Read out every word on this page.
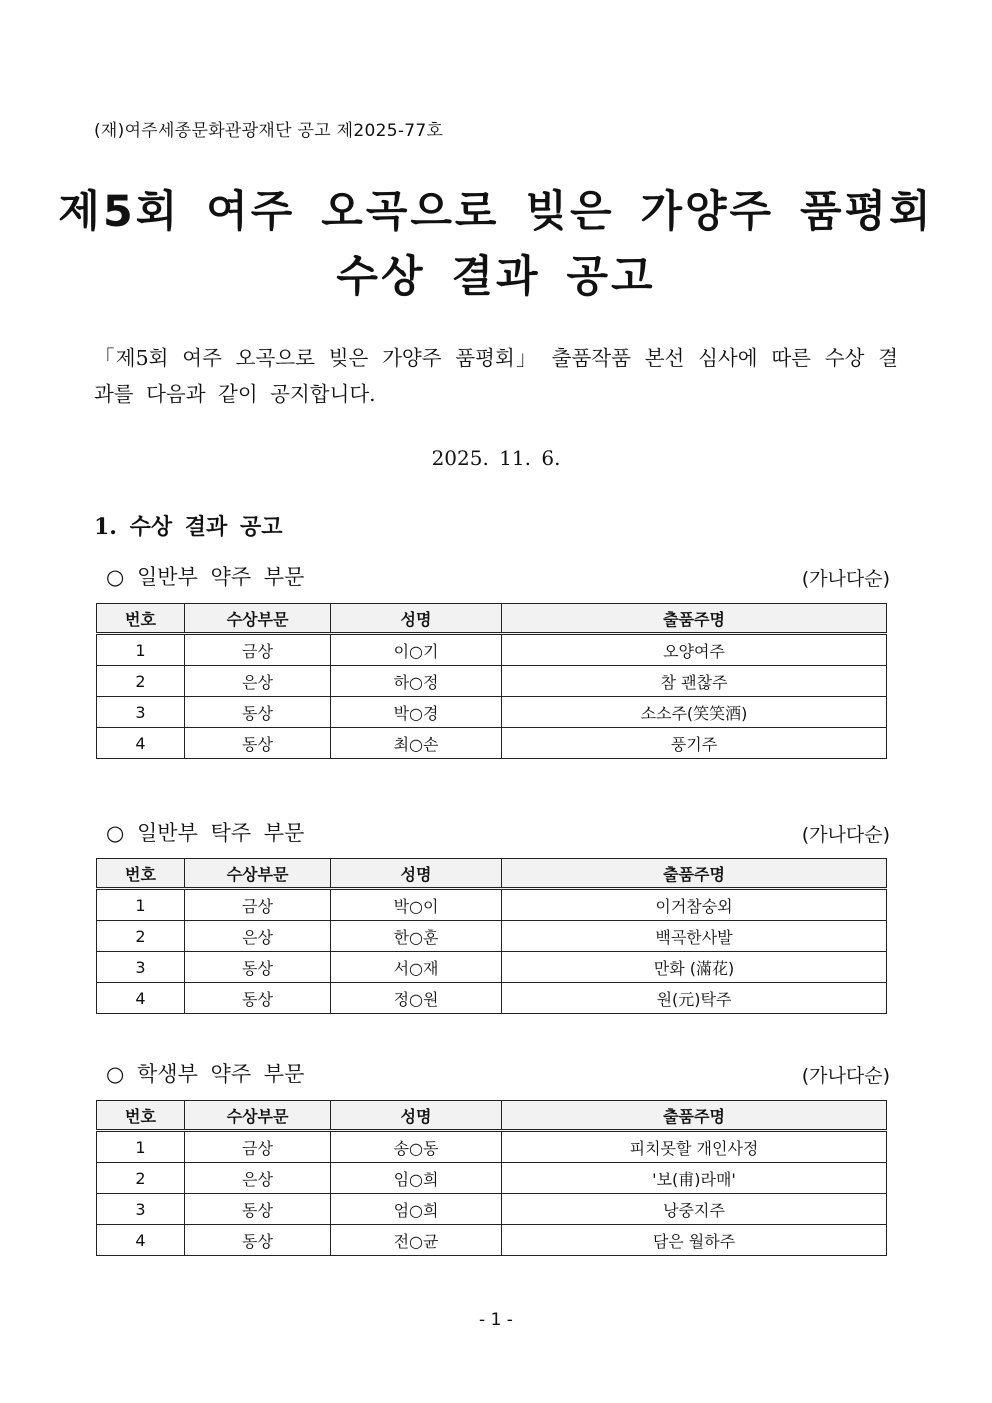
(재)여주세종문화관광재단 공고 제2025-77호
제5회 여주 오곡으로 빚은 가양주 품평회
수상 결과 공고
「제5회 여주 오곡으로 빚은 가양주 품평회」 출품작품 본선 심사에 따른 수상 결과를 다음과 같이 공지합니다.
2025. 11. 6.
1. 수상 결과 공고
○ 일반부 약주 부문	(가나다순)
번호	수상부문	성명	출품주명
1	금상	이○기	오양여주
2	은상	하○정	참 괜찮주
3	동상	박○경	소소주(笑笑酒)
4	동상	최○손	풍기주
○ 일반부 탁주 부문	(가나다순)
번호	수상부문	성명	출품주명
1	금상	박○이	이거참숭외
2	은상	한○훈	백곡한사발
3	동상	서○재	만화 (滿花)
4	동상	정○원	원(元)탁주
○ 학생부 약주 부문	(가나다순)
번호	수상부문	성명	출품주명
1	금상	송○동	피치못할 개인사정
2	은상	임○희	'보(甫)라매'
3	동상	엄○희	낭중지주
4	동상	전○균	담은 월하주
- 1 -
